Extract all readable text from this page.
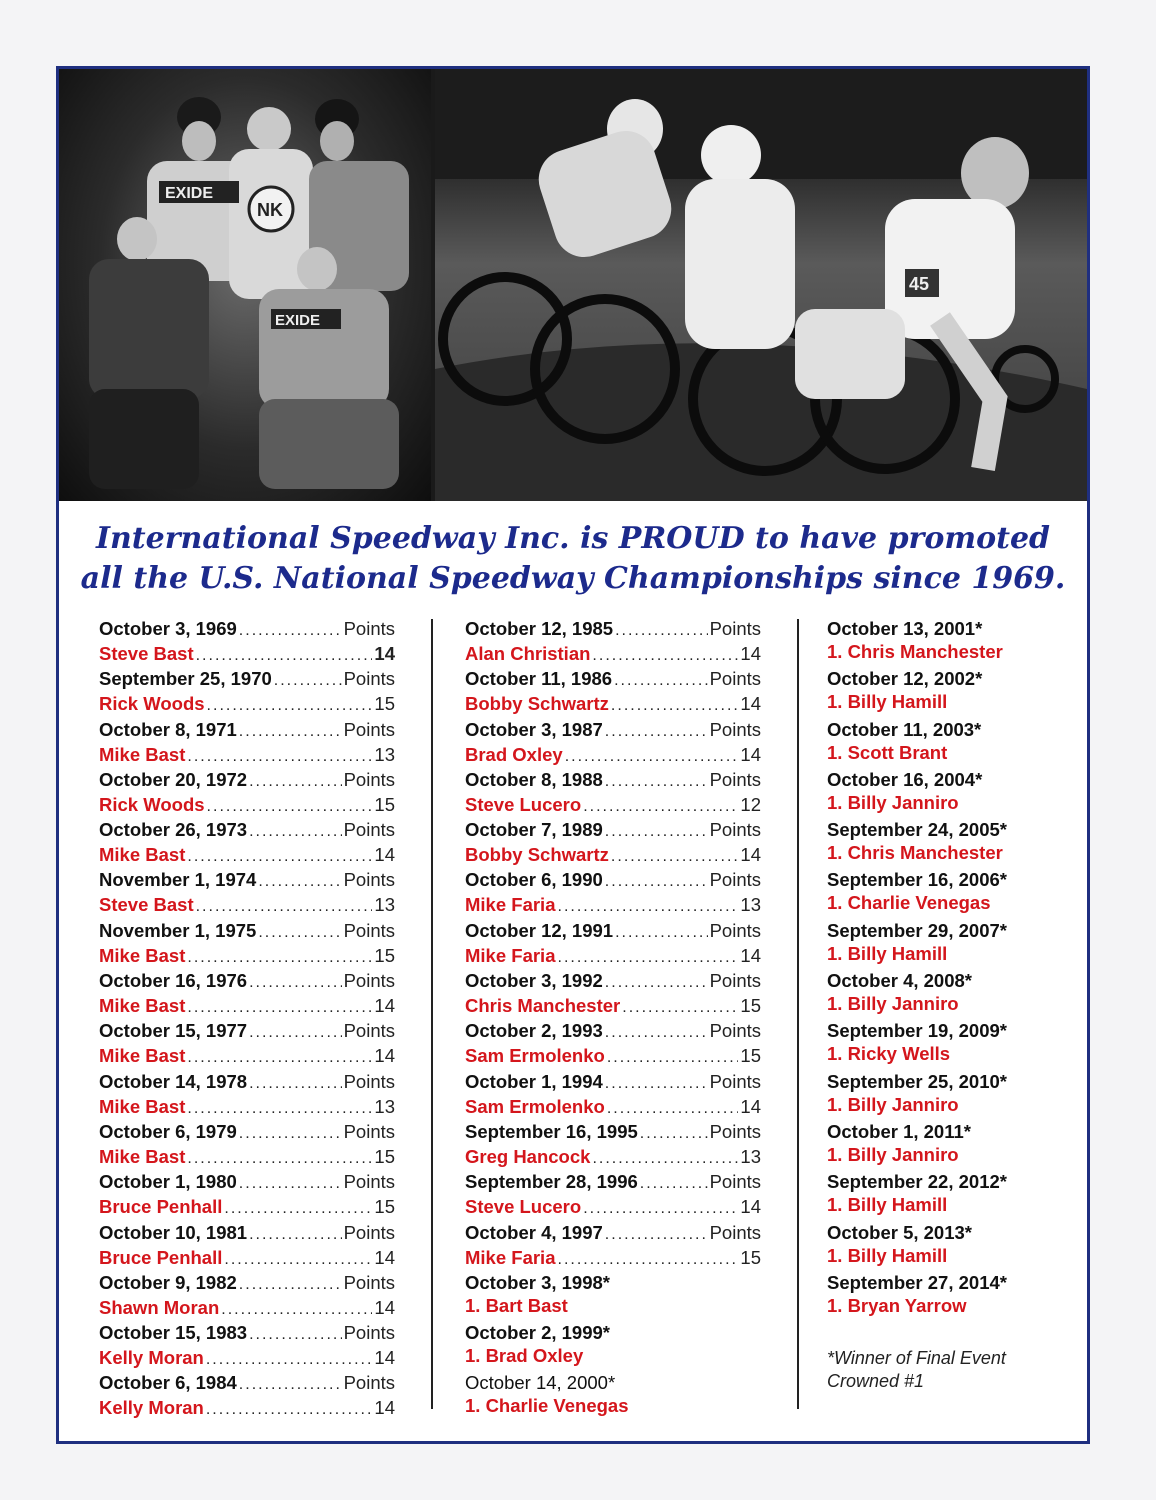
EXIDE
NK
EXIDE
45
International Speedway Inc. is PROUD to have promoted
all the U.S. National Speedway Championships since 1969.
October 3, 1969 .....	Points
Steve Bast .....	14
September 25, 1970 .....	Points
Rick Woods .....	15
October 8, 1971 .....	Points
Mike Bast .....	13
October 20, 1972 .....	Points
Rick Woods .....	15
October 26, 1973 .....	Points
Mike Bast .....	14
November 1, 1974 .....	Points
Steve Bast .....	13
November 1, 1975 .....	Points
Mike Bast .....	15
October 16, 1976 .....	Points
Mike Bast .....	14
October 15, 1977 .....	Points
Mike Bast .....	14
October 14, 1978 .....	Points
Mike Bast .....	13
October 6, 1979 .....	Points
Mike Bast .....	15
October 1, 1980 .....	Points
Bruce Penhall .....	15
October 10, 1981 .....	Points
Bruce Penhall .....	14
October 9, 1982 .....	Points
Shawn Moran .....	14
October 15, 1983 .....	Points
Kelly Moran .....	14
October 6, 1984 .....	Points
Kelly Moran .....	14
October 12, 1985 .....	Points
Alan Christian .....	14
October 11, 1986 .....	Points
Bobby Schwartz .....	14
October 3, 1987 .....	Points
Brad Oxley .....	14
October 8, 1988 .....	Points
Steve Lucero .....	12
October 7, 1989 .....	Points
Bobby Schwartz .....	14
October 6, 1990 .....	Points
Mike Faria .....	13
October 12, 1991 .....	Points
Mike Faria .....	14
October 3, 1992 .....	Points
Chris Manchester .....	15
October 2, 1993 .....	Points
Sam Ermolenko .....	15
October 1, 1994 .....	Points
Sam Ermolenko .....	14
September 16, 1995 .....	Points
Greg Hancock .....	13
September 28, 1996 .....	Points
Steve Lucero .....	14
October 4, 1997 .....	Points
Mike Faria .....	15
October 3, 1998*
1. Bart Bast
October 2, 1999*
1. Brad Oxley
October 14, 2000*
1. Charlie Venegas
October 13, 2001*
1. Chris Manchester
October 12, 2002*
1. Billy Hamill
October 11, 2003*
1. Scott Brant
October 16, 2004*
1. Billy Janniro
September 24, 2005*
1. Chris Manchester
September 16, 2006*
1. Charlie Venegas
September 29, 2007*
1. Billy Hamill
October 4, 2008*
1. Billy Janniro
September 19, 2009*
1. Ricky Wells
September 25, 2010*
1. Billy Janniro
October 1, 2011*
1. Billy Janniro
September 22, 2012*
1. Billy Hamill
October 5, 2013*
1. Billy Hamill
September 27, 2014*
1. Bryan Yarrow
*Winner of Final Event
Crowned #1
